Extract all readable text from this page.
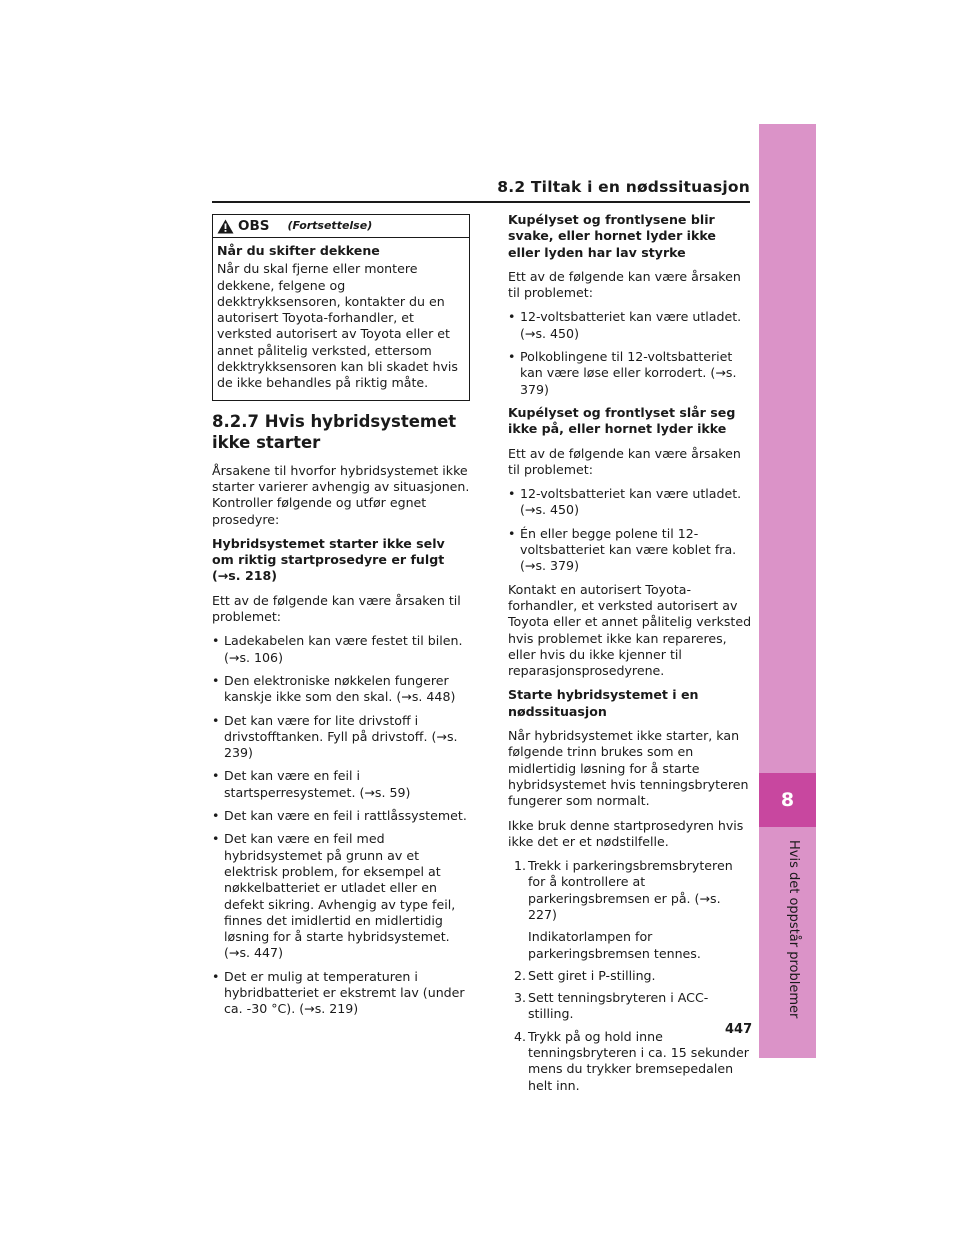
8.2 Tiltak i en nødssituasjon
8
Hvis det oppstår problemer
447
OBS (Fortsettelse)

Når du skifter dekkene

Når du skal fjerne eller montere dekkene, felgene og dekktrykksensoren, kontakter du en autorisert Toyota-forhandler, et verksted autorisert av Toyota eller et annet pålitelig verksted, ettersom dekktrykksensoren kan bli skadet hvis de ikke behandles på riktig måte.

8.2.7 Hvis hybridsystemet ikke starter

Årsakene til hvorfor hybridsystemet ikke starter varierer avhengig av situasjonen. Kontroller følgende og utfør egnet prosedyre:

Hybridsystemet starter ikke selv om riktig startprosedyre er fulgt (→s. 218)

Ett av de følgende kan være årsaken til problemet:

• Ladekabelen kan være festet til bilen. (→s. 106)
• Den elektroniske nøkkelen fungerer kanskje ikke som den skal. (→s. 448)
• Det kan være for lite drivstoff i drivstofftanken. Fyll på drivstoff. (→s. 239)
• Det kan være en feil i startsperresystemet. (→s. 59)
• Det kan være en feil i rattlåssystemet.
• Det kan være en feil med hybridsystemet på grunn av et elektrisk problem, for eksempel at nøkkelbatteriet er utladet eller en defekt sikring. Avhengig av type feil, finnes det imidlertid en midlertidig løsning for å starte hybridsystemet. (→s. 447)
• Det er mulig at temperaturen i hybridbatteriet er ekstremt lav (under ca. -30 °C). (→s. 219)

Kupélyset og frontlysene blir svake, eller hornet lyder ikke eller lyden har lav styrke

Ett av de følgende kan være årsaken til problemet:

• 12-voltsbatteriet kan være utladet. (→s. 450)
• Polkoblingene til 12-voltsbatteriet kan være løse eller korrodert. (→s. 379)

Kupélyset og frontlyset slår seg ikke på, eller hornet lyder ikke

Ett av de følgende kan være årsaken til problemet:

• 12-voltsbatteriet kan være utladet. (→s. 450)
• Én eller begge polene til 12-voltsbatteriet kan være koblet fra. (→s. 379)

Kontakt en autorisert Toyota-forhandler, et verksted autorisert av Toyota eller et annet pålitelig verksted hvis problemet ikke kan repareres, eller hvis du ikke kjenner til reparasjonsprosedyrene.

Starte hybridsystemet i en nødssituasjon

Når hybridsystemet ikke starter, kan følgende trinn brukes som en midlertidig løsning for å starte hybridsystemet hvis tenningsbryteren fungerer som normalt.

Ikke bruk denne startprosedyren hvis ikke det er et nødstilfelle.

1. Trekk i parkeringsbremsbryteren for å kontrollere at parkeringsbremsen er på. (→s. 227)
Indikatorlampen for parkeringsbremsen tennes.
2. Sett giret i P-stilling.
3. Sett tenningsbryteren i ACC-stilling.
4. Trykk på og hold inne tenningsbryteren i ca. 15 sekunder mens du trykker bremsepedalen helt inn.
